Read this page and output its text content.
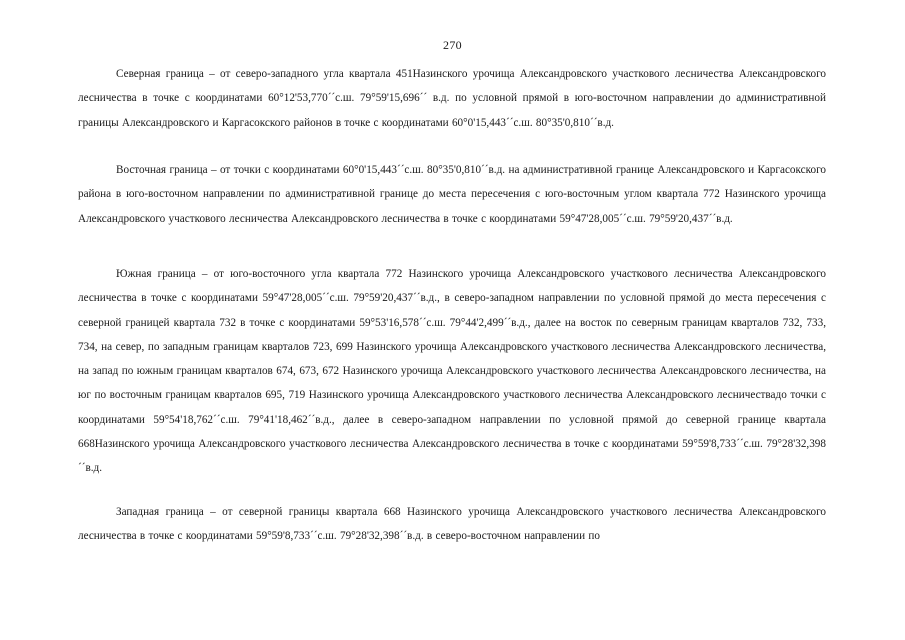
270

Северная граница – от северо-западного угла квартала 451Назинского урочища Александровского участкового лесничества Александровского лесничества в точке с координатами 60°12'53,770´´с.ш. 79°59'15,696´´ в.д. по условной прямой в юго-восточном направлении до административной границы Александровского и Каргасокского районов в точке с координатами 60°0'15,443´´с.ш. 80°35'0,810´´в.д.

Восточная граница – от точки с координатами 60°0'15,443´´с.ш. 80°35'0,810´´в.д. на административной границе Александровского и Каргасокского района в юго-восточном направлении по административной границе до места пересечения с юго-восточным углом квартала 772 Назинского урочища Александровского участкового лесничества Александровского лесничества в точке с координатами 59°47'28,005´´с.ш. 79°59'20,437´´в.д.

Южная граница – от юго-восточного угла квартала 772 Назинского урочища Александровского участкового лесничества Александровского лесничества в точке с координатами 59°47'28,005´´с.ш. 79°59'20,437´´в.д., в северо-западном направлении по условной прямой до места пересечения с северной границей квартала 732 в точке с координатами 59°53'16,578´´с.ш. 79°44'2,499´´в.д., далее на восток по северным границам кварталов 732, 733, 734, на север, по западным границам кварталов 723, 699 Назинского урочища Александровского участкового лесничества Александровского лесничества, на запад по южным границам кварталов 674, 673, 672 Назинского урочища Александровского участкового лесничества Александровского лесничества, на юг по восточным границам кварталов 695, 719 Назинского урочища Александровского участкового лесничества Александровского лесничествадо точки с координатами 59°54'18,762´´с.ш. 79°41'18,462´´в.д., далее в северо-западном направлении по условной прямой до северной границе квартала 668Назинского урочища Александровского участкового лесничества Александровского лесничества в точке с координатами 59°59'8,733´´с.ш. 79°28'32,398´´в.д.

Западная граница – от северной границы квартала 668 Назинского урочища Александровского участкового лесничества Александровского лесничества в точке с координатами 59°59'8,733´´с.ш. 79°28'32,398´´в.д. в северо-восточном направлении по
